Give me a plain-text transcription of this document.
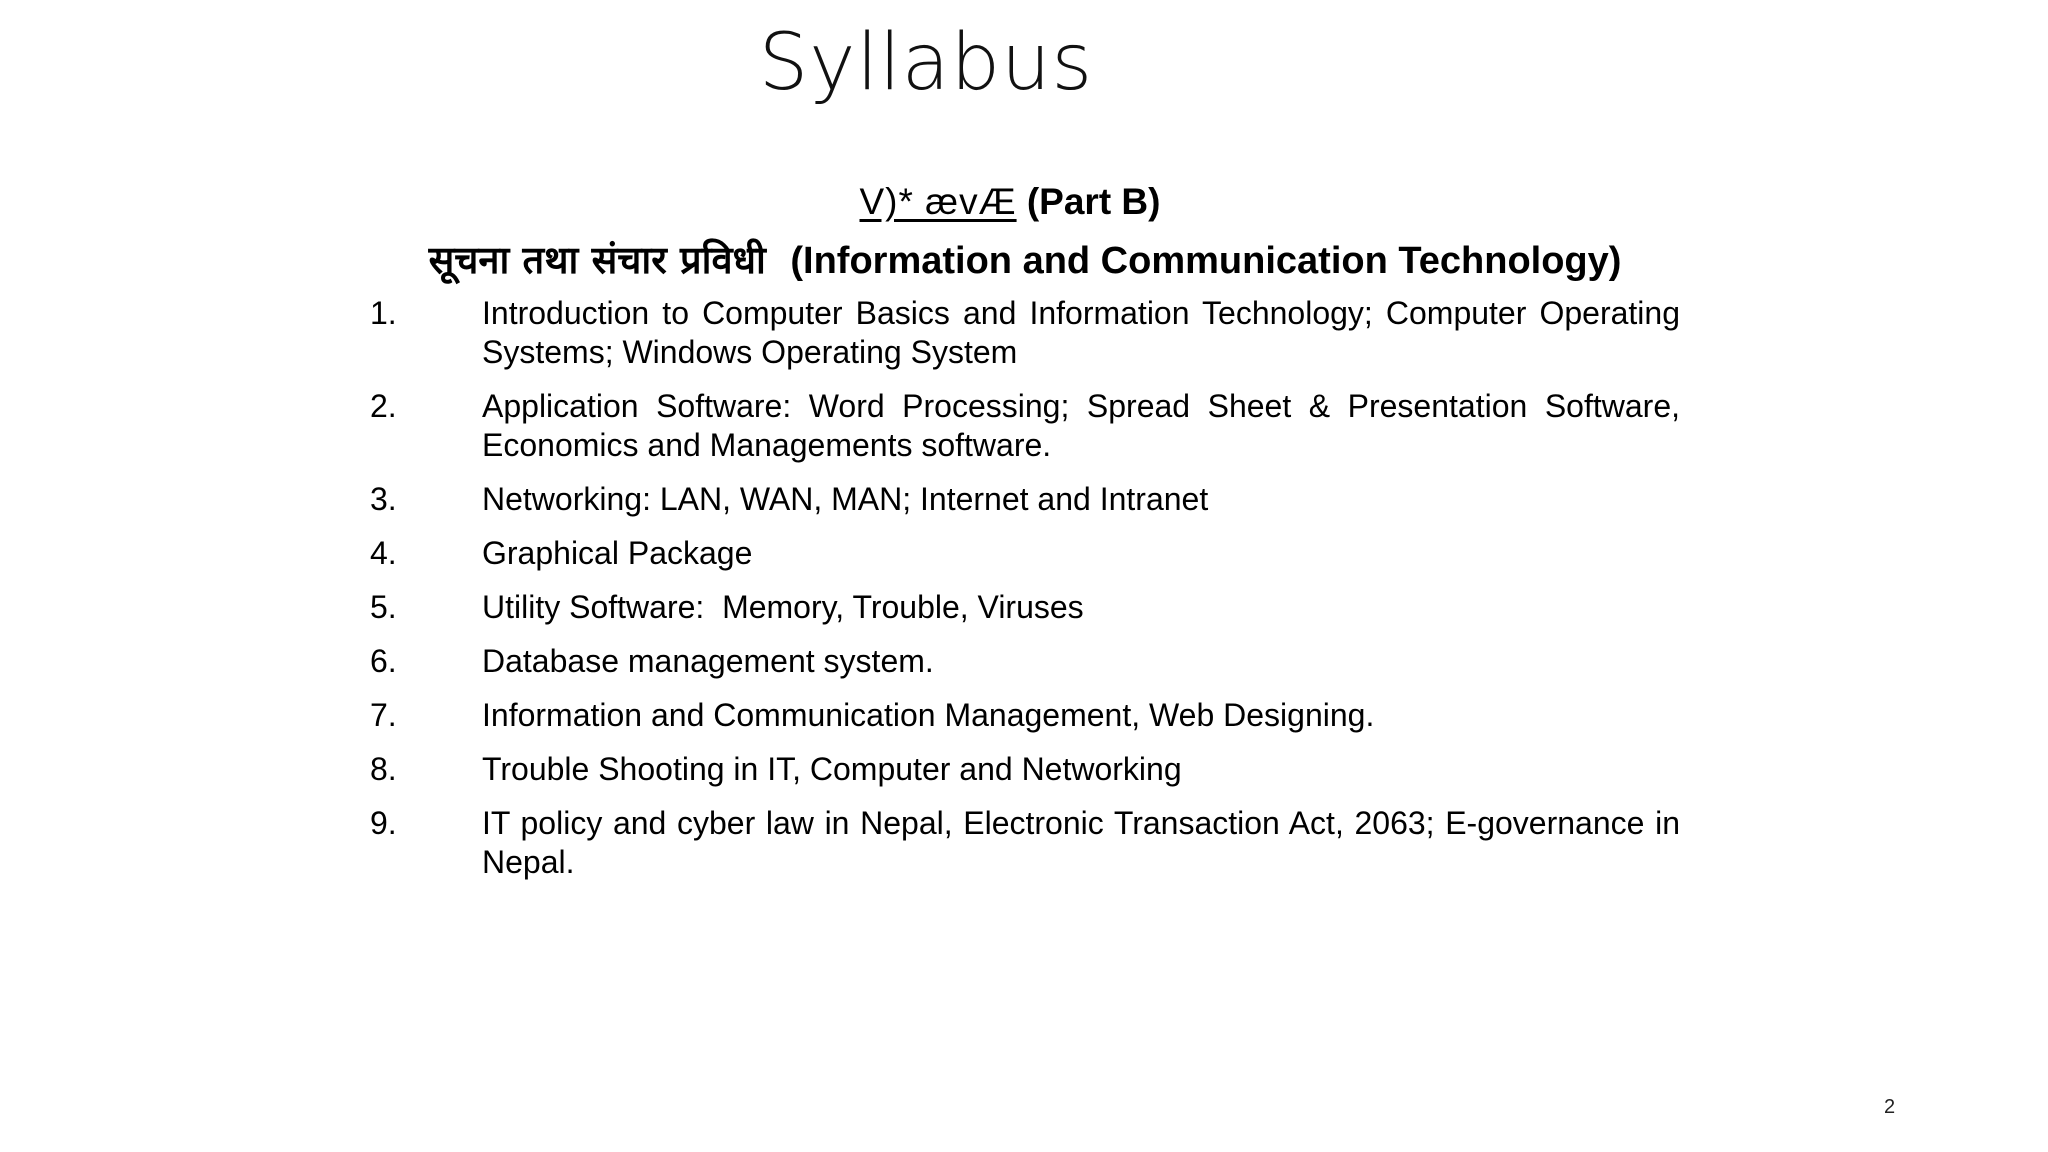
Syllabus
V)* ævÆ (Part B)
सूचना तथा संचार प्रविधी (Information and Communication Technology)
1.	Introduction to Computer Basics and Information Technology; Computer Operating Systems; Windows Operating System
2.	Application Software: Word Processing; Spread Sheet & Presentation Software, Economics and Managements software.
3.	Networking: LAN, WAN, MAN; Internet and Intranet
4.	Graphical Package
5.	Utility Software:  Memory, Trouble, Viruses
6.	Database management system.
7.	Information and Communication Management, Web Designing.
8.	Trouble Shooting in IT, Computer and Networking
9.	IT policy and cyber law in Nepal, Electronic Transaction Act, 2063; E-governance in Nepal.
2
